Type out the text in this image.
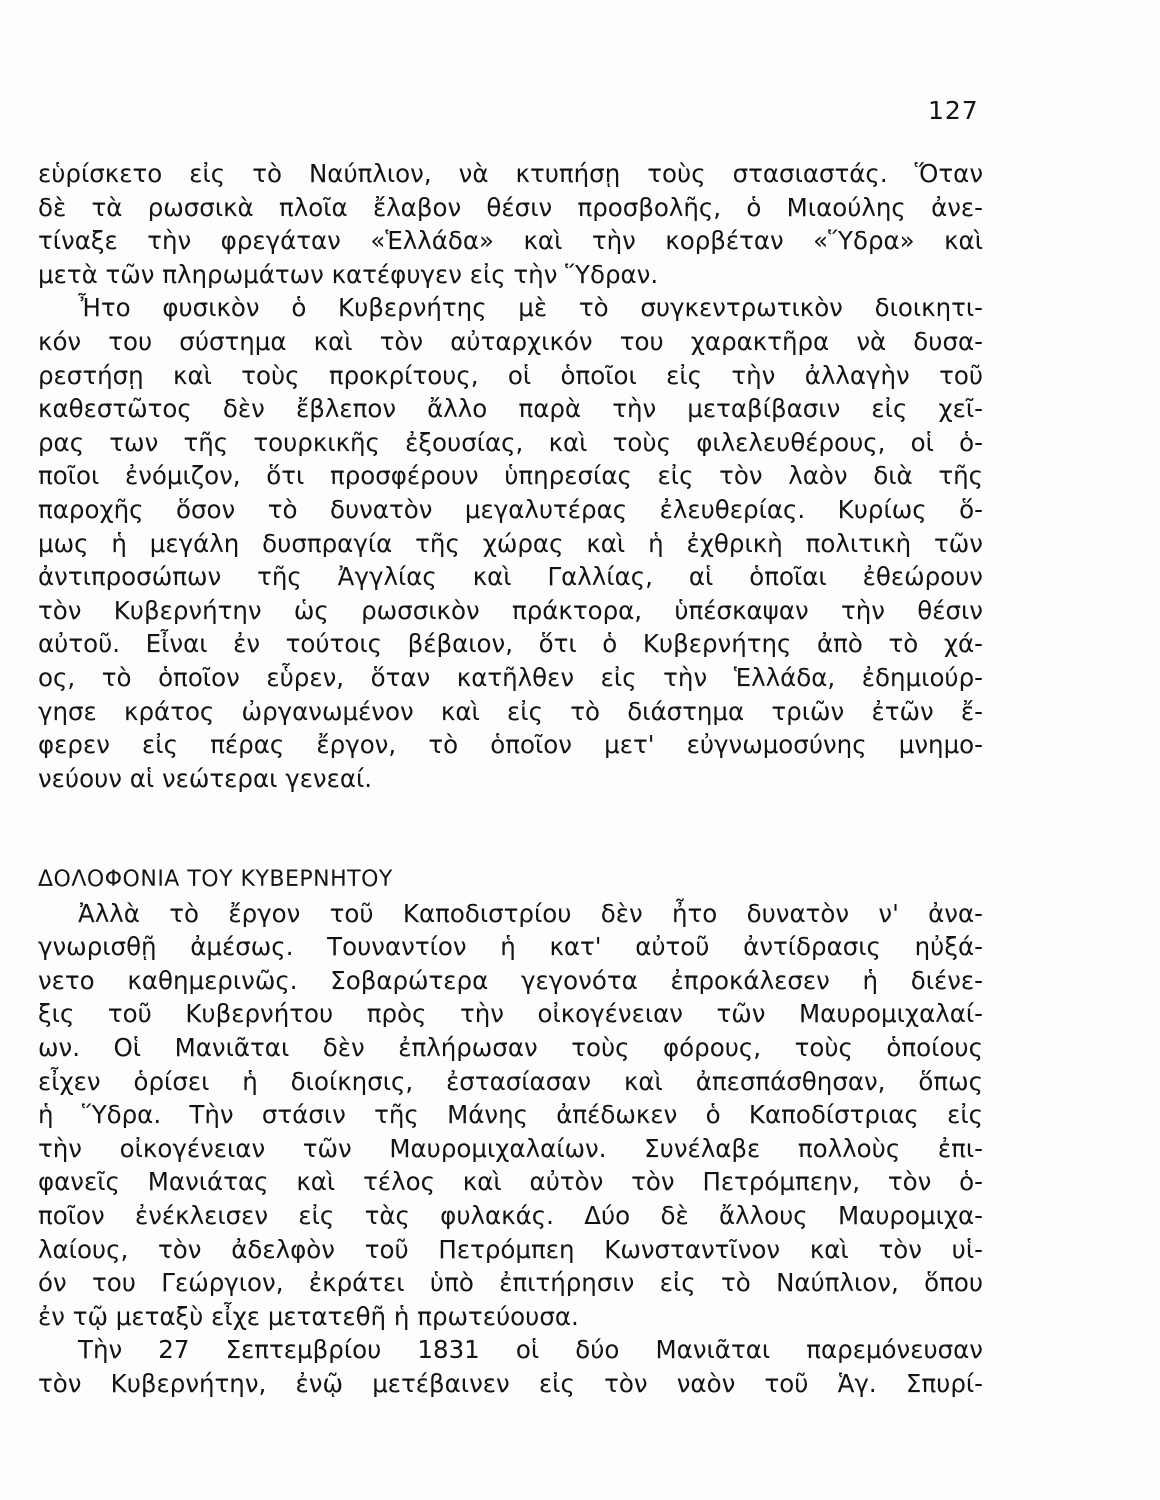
127
εὑρίσκετο εἰς τὸ Ναύπλιον, νὰ κτυπήσῃ τοὺς στασιαστάς. Ὅταν
δὲ τὰ ρωσσικὰ πλοῖα ἔλαβον θέσιν προσβολῆς, ὁ Μιαούλης ἀνε-
τίναξε τὴν φρεγάταν «Ἑλλάδα» καὶ τὴν κορβέταν «Ὕδρα» καὶ
μετὰ τῶν πληρωμάτων κατέφυγεν εἰς τὴν Ὕδραν.
Ἦτο φυσικὸν ὁ Κυβερνήτης μὲ τὸ συγκεντρωτικὸν διοικητι-
κόν του σύστημα καὶ τὸν αὐταρχικόν του χαρακτῆρα νὰ δυσα-
ρεστήσῃ καὶ τοὺς προκρίτους, οἱ ὁποῖοι εἰς τὴν ἀλλαγὴν τοῦ
καθεστῶτος δὲν ἔβλεπον ἄλλο παρὰ τὴν μεταβίβασιν εἰς χεῖ-
ρας των τῆς τουρκικῆς ἐξουσίας, καὶ τοὺς φιλελευθέρους, οἱ ὁ-
ποῖοι ἐνόμιζον, ὅτι προσφέρουν ὑπηρεσίας εἰς τὸν λαὸν διὰ τῆς
παροχῆς ὅσον τὸ δυνατὸν μεγαλυτέρας ἐλευθερίας. Κυρίως ὅ-
μως ἡ μεγάλη δυσπραγία τῆς χώρας καὶ ἡ ἐχθρικὴ πολιτικὴ τῶν
ἀντιπροσώπων τῆς Ἀγγλίας καὶ Γαλλίας, αἱ ὁποῖαι ἐθεώρουν
τὸν Κυβερνήτην ὡς ρωσσικὸν πράκτορα, ὑπέσκαψαν τὴν θέσιν
αὐτοῦ. Εἶναι ἐν τούτοις βέβαιον, ὅτι ὁ Κυβερνήτης ἀπὸ τὸ χά-
ος, τὸ ὁποῖον εὗρεν, ὅταν κατῆλθεν εἰς τὴν Ἑλλάδα, ἐδημιούρ-
γησε κράτος ὠργανωμένον καὶ εἰς τὸ διάστημα τριῶν ἐτῶν ἔ-
φερεν εἰς πέρας ἔργον, τὸ ὁποῖον μετ' εὐγνωμοσύνης μνημο-
νεύουν αἱ νεώτεραι γενεαί.
ΔΟΛΟΦΟΝΙΑ ΤΟΥ ΚΥΒΕΡΝΗΤΟΥ
Ἀλλὰ τὸ ἔργον τοῦ Καποδιστρίου δὲν ἦτο δυνατὸν ν' ἀνα-
γνωρισθῇ ἀμέσως. Τουναντίον ἡ κατ' αὐτοῦ ἀντίδρασις ηὐξά-
νετο καθημερινῶς. Σοβαρώτερα γεγονότα ἐπροκάλεσεν ἡ διένε-
ξις τοῦ Κυβερνήτου πρὸς τὴν οἰκογένειαν τῶν Μαυρομιχαλαί-
ων. Οἱ Μανιᾶται δὲν ἐπλήρωσαν τοὺς φόρους, τοὺς ὁποίους
εἶχεν ὁρίσει ἡ διοίκησις, ἐστασίασαν καὶ ἀπεσπάσθησαν, ὅπως
ἡ Ὕδρα. Τὴν στάσιν τῆς Μάνης ἀπέδωκεν ὁ Καποδίστριας εἰς
τὴν οἰκογένειαν τῶν Μαυρομιχαλαίων. Συνέλαβε πολλοὺς ἐπι-
φανεῖς Μανιάτας καὶ τέλος καὶ αὐτὸν τὸν Πετρόμπεην, τὸν ὁ-
ποῖον ἐνέκλεισεν εἰς τὰς φυλακάς. Δύο δὲ ἄλλους Μαυρομιχα-
λαίους, τὸν ἀδελφὸν τοῦ Πετρόμπεη Κωνσταντῖνον καὶ τὸν υἱ-
όν του Γεώργιον, ἐκράτει ὑπὸ ἐπιτήρησιν εἰς τὸ Ναύπλιον, ὅπου
ἐν τῷ μεταξὺ εἶχε μετατεθῆ ἡ πρωτεύουσα.
Τὴν 27 Σεπτεμβρίου 1831 οἱ δύο Μανιᾶται παρεμόνευσαν
τὸν Κυβερνήτην, ἐνῷ μετέβαινεν εἰς τὸν ναὸν τοῦ Ἁγ. Σπυρί-
